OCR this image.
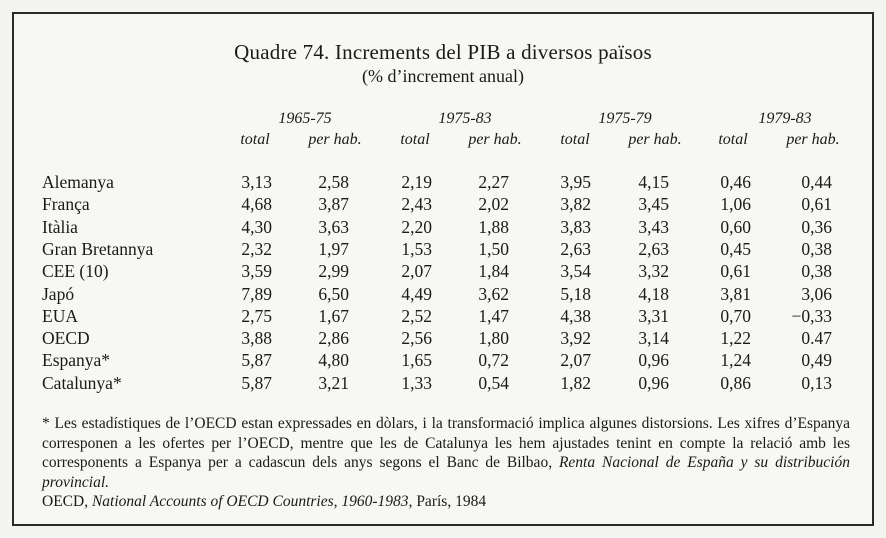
Quadre 74. Increments del PIB a diversos països
(% d’increment anual)
1965-75	1975-83	1975-79	1979-83
total	per hab.	total	per hab.	total	per hab.	total	per hab.
Alemanya	3,13	2,58	2,19	2,27	3,95	4,15	0,46	0,44
França	4,68	3,87	2,43	2,02	3,82	3,45	1,06	0,61
Itàlia	4,30	3,63	2,20	1,88	3,83	3,43	0,60	0,36
Gran Bretannya	2,32	1,97	1,53	1,50	2,63	2,63	0,45	0,38
CEE (10)	3,59	2,99	2,07	1,84	3,54	3,32	0,61	0,38
Japó	7,89	6,50	4,49	3,62	5,18	4,18	3,81	3,06
EUA	2,75	1,67	2,52	1,47	4,38	3,31	0,70	−0,33
OECD	3,88	2,86	2,56	1,80	3,92	3,14	1,22	0.47
Espanya*	5,87	4,80	1,65	0,72	2,07	0,96	1,24	0,49
Catalunya*	5,87	3,21	1,33	0,54	1,82	0,96	0,86	0,13

* Les estadístiques de l’OECD estan expressades en dòlars, i la transformació implica algunes distorsions. Les xifres d’Espanya corresponen a les ofertes per l’OECD, mentre que les de Catalunya les hem ajustades tenint en compte la relació amb les corresponents a Espanya per a cadascun dels anys segons el Banc de Bilbao, Renta Nacional de España y su distribución provincial.

OECD, National Accounts of OECD Countries, 1960-1983, París, 1984
